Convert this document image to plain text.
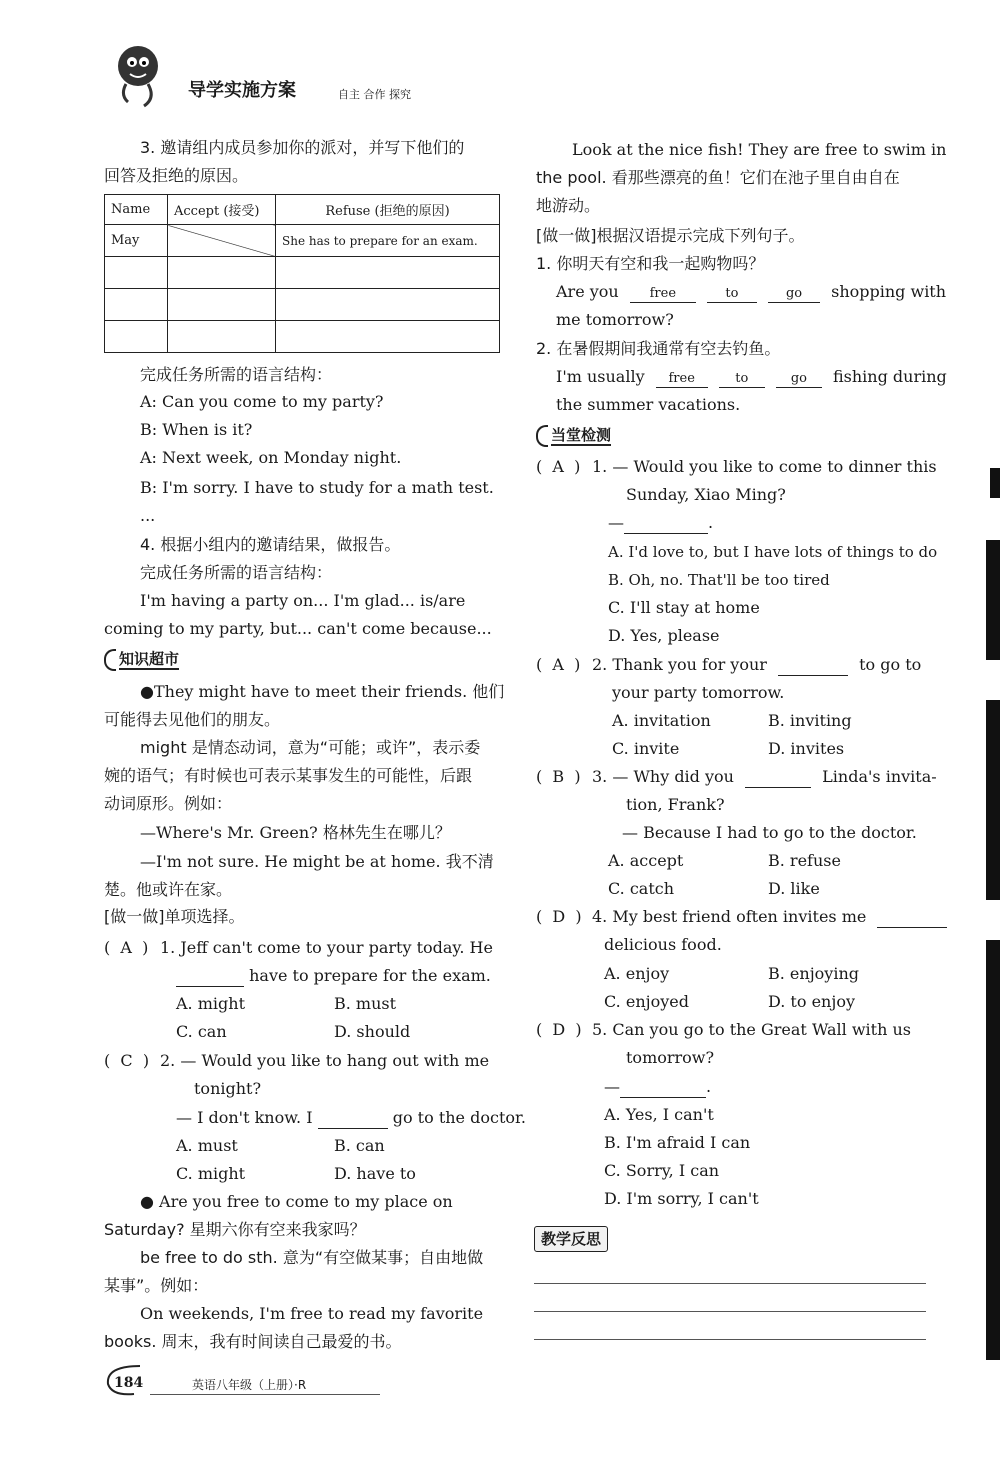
导学实施方案	自主 合作 探究
3. 邀请组内成员参加你的派对，并写下他们的
回答及拒绝的原因。
Name	Accept (接受)	Refuse (拒绝的原因)
May		She has to prepare for an exam.

完成任务所需的语言结构：
A: Can you come to my party?
B: When is it?
A: Next week, on Monday night.
B: I'm sorry. I have to study for a math test.
...
4. 根据小组内的邀请结果，做报告。
完成任务所需的语言结构：
I'm having a party on... I'm glad... is/are
coming to my party, but... can't come because...
知识超市
●They might have to meet their friends. 他们
可能得去见他们的朋友。
might 是情态动词，意为“可能；或许”，表示委
婉的语气；有时候也可表示某事发生的可能性，后跟
动词原形。例如：
—Where's Mr. Green? 格林先生在哪儿？
—I'm not sure. He might be at home. 我不清
楚。他或许在家。
[做一做]单项选择。
(  A  ) 1. Jeff can't come to your party today. He
have to prepare for the exam.
A. might	B. must
C. can	D. should
(  C  ) 2. — Would you like to hang out with me
tonight?
— I don't know. I	go to the doctor.
A. must	B. can
C. might	D. have to
● Are you free to come to my place on
Saturday? 星期六你有空来我家吗？
be free to do sth. 意为“有空做某事；自由地做
某事”。例如：
On weekends, I'm free to read my favorite
books. 周末，我有时间读自己最爱的书。
Look at the nice fish! They are free to swim in
the pool. 看那些漂亮的鱼！它们在池子里自由自在
地游动。
[做一做]根据汉语提示完成下列句子。
1. 你明天有空和我一起购物吗？
Are you free	to	go shopping with
me tomorrow?
2. 在暑假期间我通常有空去钓鱼。
I'm usually free	to	go fishing during
the summer vacations.
当堂检测
(  A  ) 1. — Would you like to come to dinner this
Sunday, Xiao Ming?
—	.
A. I'd love to, but I have lots of things to do
B. Oh, no. That'll be too tired
C. I'll stay at home
D. Yes, please
(  A  ) 2. Thank you for your	to go to
your party tomorrow.
A. invitation	B. inviting
C. invite	D. invites
(  B  ) 3. — Why did you	Linda's invita-
tion, Frank?
— Because I had to go to the doctor.
A. accept	B. refuse
C. catch	D. like
(  D  ) 4. My best friend often invites me
delicious food.
A. enjoy	B. enjoying
C. enjoyed	D. to enjoy
(  D  ) 5. Can you go to the Great Wall with us
tomorrow?
—	.
A. Yes, I can't
B. I'm afraid I can
C. Sorry, I can
D. I'm sorry, I can't
教学反思
184	英语八年级（上册）·R
